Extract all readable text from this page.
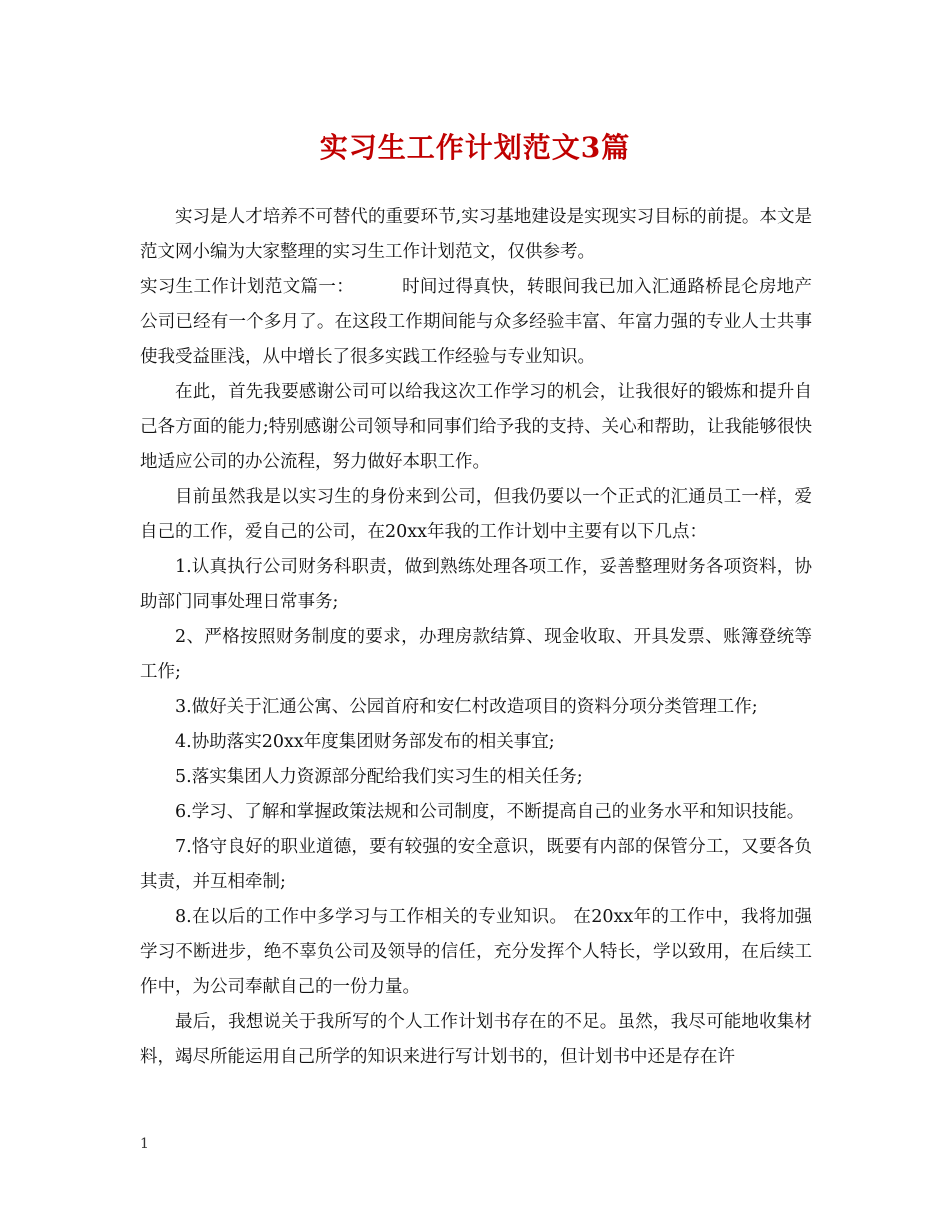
实习生工作计划范文3篇

实习是人才培养不可替代的重要环节,实习基地建设是实现实习目标的前提。本文是范文网小编为大家整理的实习生工作计划范文，仅供参考。

实习生工作计划范文篇一：	时间过得真快，转眼间我已加入汇通路桥昆仑房地产公司已经有一个多月了。在这段工作期间能与众多经验丰富、年富力强的专业人士共事使我受益匪浅，从中增长了很多实践工作经验与专业知识。

在此，首先我要感谢公司可以给我这次工作学习的机会，让我很好的锻炼和提升自己各方面的能力;特别感谢公司领导和同事们给予我的支持、关心和帮助，让我能够很快地适应公司的办公流程，努力做好本职工作。

目前虽然我是以实习生的身份来到公司，但我仍要以一个正式的汇通员工一样，爱自己的工作，爱自己的公司，在20xx年我的工作计划中主要有以下几点：

1.认真执行公司财务科职责，做到熟练处理各项工作，妥善整理财务各项资料，协助部门同事处理日常事务;

2、严格按照财务制度的要求，办理房款结算、现金收取、开具发票、账簿登统等工作;

3.做好关于汇通公寓、公园首府和安仁村改造项目的资料分项分类管理工作;

4.协助落实20xx年度集团财务部发布的相关事宜;

5.落实集团人力资源部分配给我们实习生的相关任务;

6.学习、了解和掌握政策法规和公司制度，不断提高自己的业务水平和知识技能。

7.恪守良好的职业道德，要有较强的安全意识，既要有内部的保管分工，又要各负其责，并互相牵制;

8.在以后的工作中多学习与工作相关的专业知识。 在20xx年的工作中，我将加强学习不断进步，绝不辜负公司及领导的信任，充分发挥个人特长，学以致用，在后续工作中，为公司奉献自己的一份力量。

最后，我想说关于我所写的个人工作计划书存在的不足。虽然，我尽可能地收集材料，竭尽所能运用自己所学的知识来进行写计划书的，但计划书中还是存在许

1
